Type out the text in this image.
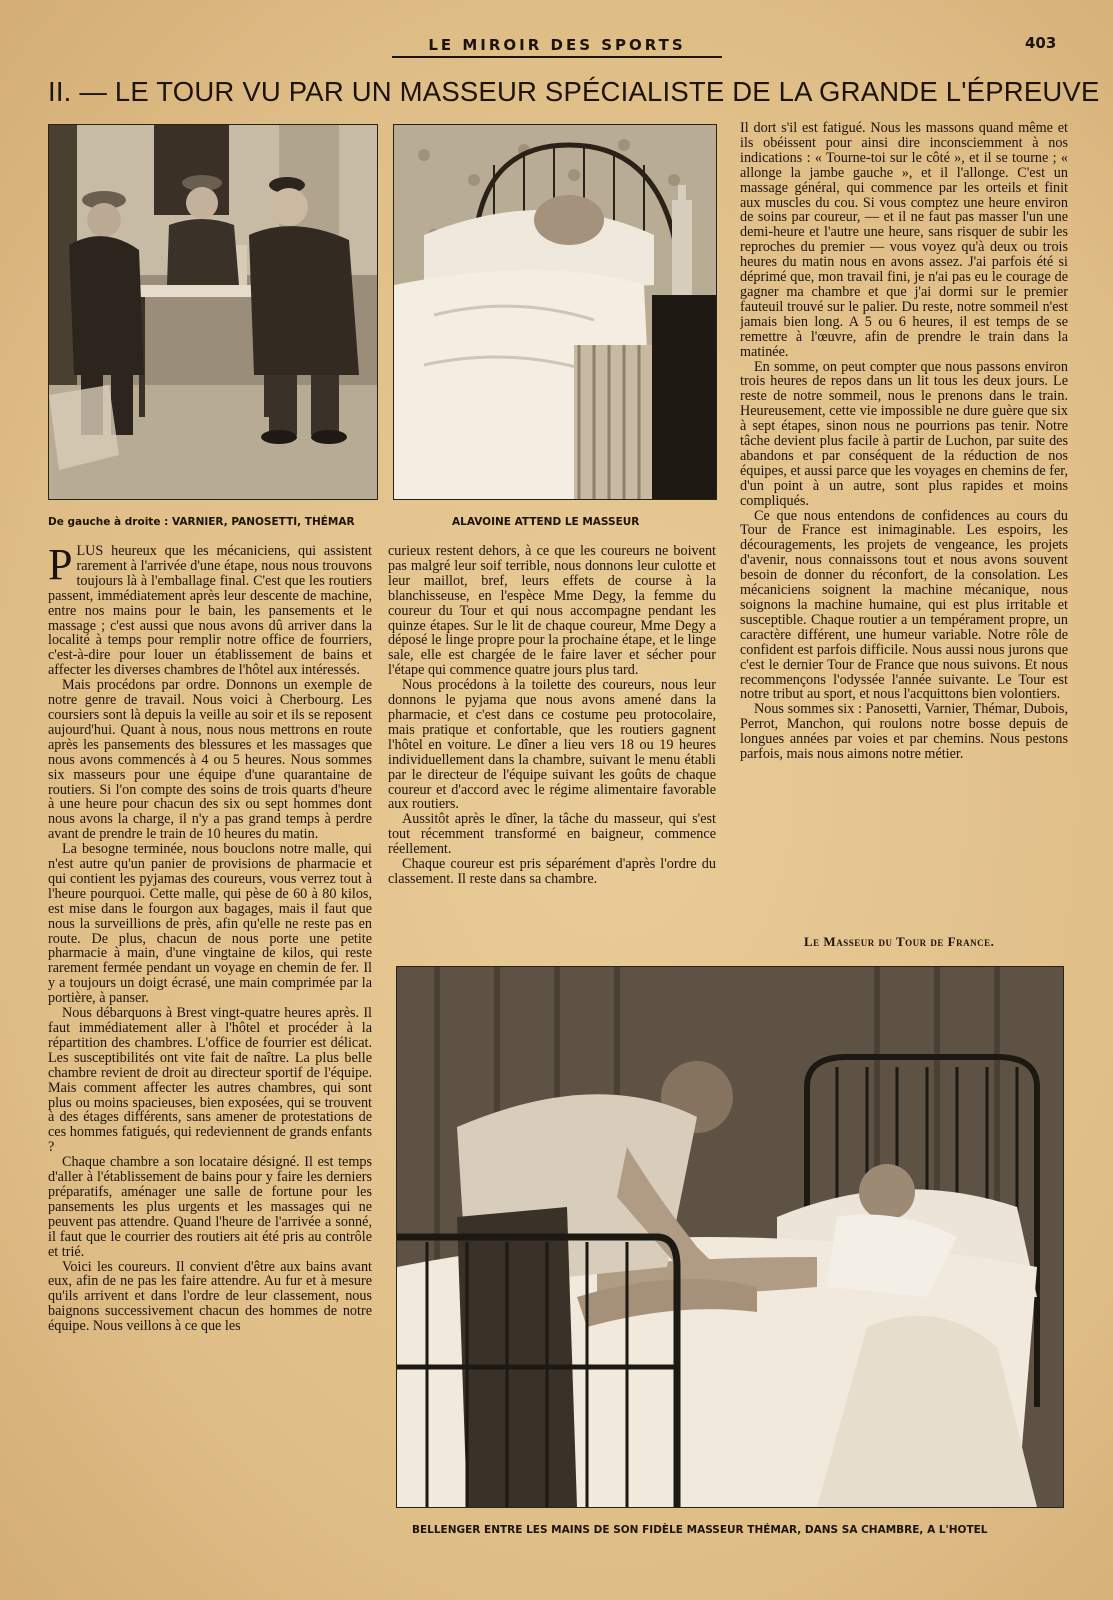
LE MIROIR DES SPORTS	403
II. — LE TOUR VU PAR UN MASSEUR SPÉCIALISTE DE LA GRANDE L'ÉPREUVE
De gauche à droite : VARNIER, PANOSETTI, THÉMAR	ALAVOINE ATTEND LE MASSEUR

PLUS heureux que les mécaniciens, qui assistent rarement à l'arrivée d'une étape, nous nous trouvons toujours là à l'emballage final. C'est que les routiers passent, immédiatement après leur descente de machine, entre nos mains pour le bain, les pansements et le massage ; c'est aussi que nous avons dû arriver dans la localité à temps pour remplir notre office de fourriers, c'est-à-dire pour louer un établissement de bains et affecter les diverses chambres de l'hôtel aux intéressés.

Mais procédons par ordre. Donnons un exemple de notre genre de travail. Nous voici à Cherbourg. Les coursiers sont là depuis la veille au soir et ils se reposent aujourd'hui. Quant à nous, nous nous mettrons en route après les pansements des blessures et les massages que nous avons commencés à 4 ou 5 heures. Nous sommes six masseurs pour une équipe d'une quarantaine de routiers. Si l'on compte des soins de trois quarts d'heure à une heure pour chacun des six ou sept hommes dont nous avons la charge, il n'y a pas grand temps à perdre avant de prendre le train de 10 heures du matin.

La besogne terminée, nous bouclons notre malle, qui n'est autre qu'un panier de provisions de pharmacie et qui contient les pyjamas des coureurs, vous verrez tout à l'heure pourquoi. Cette malle, qui pèse de 60 à 80 kilos, est mise dans le fourgon aux bagages, mais il faut que nous la surveillions de près, afin qu'elle ne reste pas en route. De plus, chacun de nous porte une petite pharmacie à main, d'une vingtaine de kilos, qui reste rarement fermée pendant un voyage en chemin de fer. Il y a toujours un doigt écrasé, une main comprimée par la portière, à panser.

Nous débarquons à Brest vingt-quatre heures après. Il faut immédiatement aller à l'hôtel et procéder à la répartition des chambres. L'office de fourrier est délicat. Les susceptibilités ont vite fait de naître. La plus belle chambre revient de droit au directeur sportif de l'équipe. Mais comment affecter les autres chambres, qui sont plus ou moins spacieuses, bien exposées, qui se trouvent à des étages différents, sans amener de protestations de ces hommes fatigués, qui redeviennent de grands enfants ?

Chaque chambre a son locataire désigné. Il est temps d'aller à l'établissement de bains pour y faire les derniers préparatifs, aménager une salle de fortune pour les pansements les plus urgents et les massages qui ne peuvent pas attendre. Quand l'heure de l'arrivée a sonné, il faut que le courrier des routiers ait été pris au contrôle et trié.

Voici les coureurs. Il convient d'être aux bains avant eux, afin de ne pas les faire attendre. Au fur et à mesure qu'ils arrivent et dans l'ordre de leur classement, nous baignons successivement chacun des hommes de notre équipe. Nous veillons à ce que les

curieux restent dehors, à ce que les coureurs ne boivent pas malgré leur soif terrible, nous donnons leur culotte et leur maillot, bref, leurs effets de course à la blanchisseuse, en l'espèce Mme Degy, la femme du coureur du Tour et qui nous accompagne pendant les quinze étapes. Sur le lit de chaque coureur, Mme Degy a déposé le linge propre pour la prochaine étape, et le linge sale, elle est chargée de le faire laver et sécher pour l'étape qui commence quatre jours plus tard.

Nous procédons à la toilette des coureurs, nous leur donnons le pyjama que nous avons amené dans la pharmacie, et c'est dans ce costume peu protocolaire, mais pratique et confortable, que les routiers gagnent l'hôtel en voiture. Le dîner a lieu vers 18 ou 19 heures individuellement dans la chambre, suivant le menu établi par le directeur de l'équipe suivant les goûts de chaque coureur et d'accord avec le régime alimentaire favorable aux routiers.

Aussitôt après le dîner, la tâche du masseur, qui s'est tout récemment transformé en baigneur, commence réellement.

Chaque coureur est pris séparément d'après l'ordre du classement. Il reste dans sa chambre.

Il dort s'il est fatigué. Nous les massons quand même et ils obéissent pour ainsi dire inconsciemment à nos indications : « Tourne-toi sur le côté », et il se tourne ; « allonge la jambe gauche », et il l'allonge. C'est un massage général, qui commence par les orteils et finit aux muscles du cou. Si vous comptez une heure environ de soins par coureur, — et il ne faut pas masser l'un une demi-heure et l'autre une heure, sans risquer de subir les reproches du premier — vous voyez qu'à deux ou trois heures du matin nous en avons assez. J'ai parfois été si déprimé que, mon travail fini, je n'ai pas eu le courage de gagner ma chambre et que j'ai dormi sur le premier fauteuil trouvé sur le palier. Du reste, notre sommeil n'est jamais bien long. A 5 ou 6 heures, il est temps de se remettre à l'œuvre, afin de prendre le train dans la matinée.

En somme, on peut compter que nous passons environ trois heures de repos dans un lit tous les deux jours. Le reste de notre sommeil, nous le prenons dans le train. Heureusement, cette vie impossible ne dure guère que six à sept étapes, sinon nous ne pourrions pas tenir. Notre tâche devient plus facile à partir de Luchon, par suite des abandons et par conséquent de la réduction de nos équipes, et aussi parce que les voyages en chemins de fer, d'un point à un autre, sont plus rapides et moins compliqués.

Ce que nous entendons de confidences au cours du Tour de France est inimaginable. Les espoirs, les découragements, les projets de vengeance, les projets d'avenir, nous connaissons tout et nous avons souvent besoin de donner du réconfort, de la consolation. Les mécaniciens soignent la machine mécanique, nous soignons la machine humaine, qui est plus irritable et susceptible. Chaque routier a un tempérament propre, un caractère différent, une humeur variable. Notre rôle de confident est parfois difficile. Nous aussi nous jurons que c'est le dernier Tour de France que nous suivons. Et nous recommençons l'odyssée l'année suivante. Le Tour est notre tribut au sport, et nous l'acquittons bien volontiers.

Nous sommes six : Panosetti, Varnier, Thémar, Dubois, Perrot, Manchon, qui roulons notre bosse depuis de longues années par voies et par chemins. Nous pestons parfois, mais nous aimons notre métier.

Le Masseur du Tour de France.
BELLENGER ENTRE LES MAINS DE SON FIDÈLE MASSEUR THÉMAR, DANS SA CHAMBRE, A L'HOTEL
